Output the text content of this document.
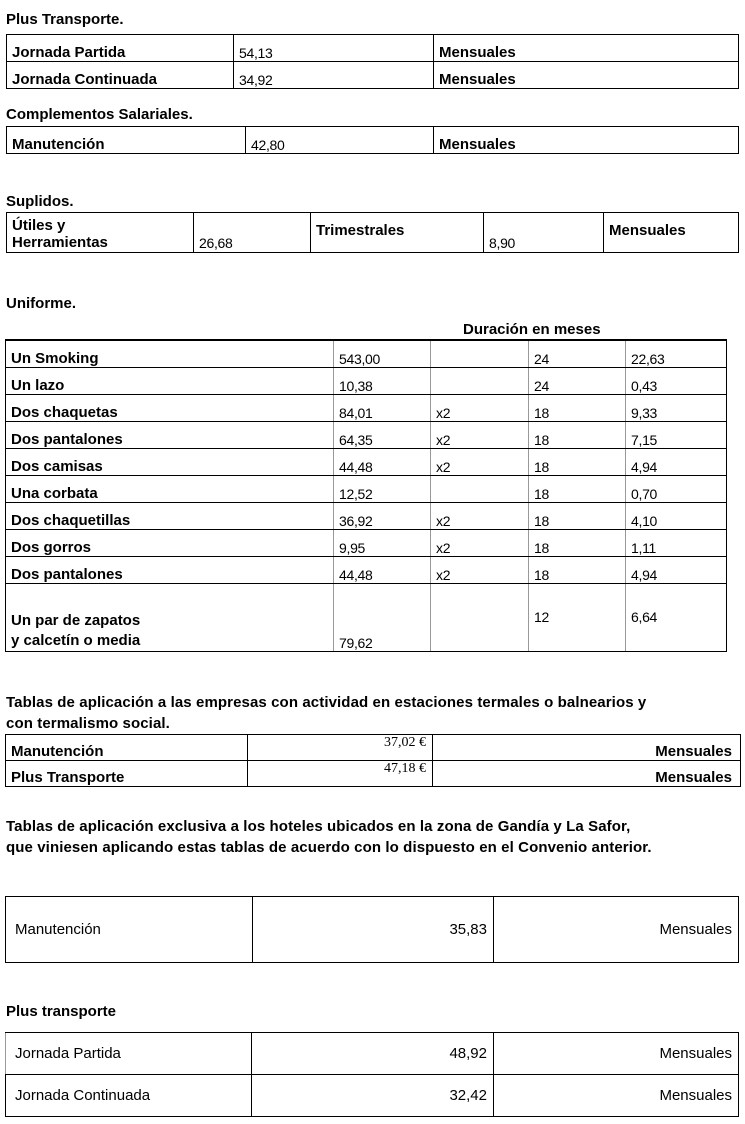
Plus Transporte.
Jornada Partida	54,13	Mensuales
Jornada Continuada	34,92	Mensuales
Complementos Salariales.
Manutención	42,80	Mensuales
Suplidos.
Útiles y
Herramientas	26,68	Trimestrales	8,90	Mensuales
Uniforme.
Duración en meses
Un Smoking	543,00		24	22,63
Un lazo	10,38		24	0,43
Dos chaquetas	84,01	x2	18	9,33
Dos pantalones	64,35	x2	18	7,15
Dos camisas	44,48	x2	18	4,94
Una corbata	12,52		18	0,70
Dos chaquetillas	36,92	x2	18	4,10
Dos gorros	9,95	x2	18	1,11
Dos pantalones	44,48	x2	18	4,94

Un par de zapatos
y calcetín o media	79,62		12	6,64
Tablas de aplicación a las empresas con actividad en estaciones termales o balnearios y
con termalismo social.
Manutención	37,02 €	Mensuales
Plus Transporte	47,18 €	Mensuales
Tablas de aplicación exclusiva a los hoteles ubicados en la zona de Gandía y La Safor,
que viniesen aplicando estas tablas de acuerdo con lo dispuesto en el Convenio anterior.
Manutención	35,83	Mensuales
Plus transporte
Jornada Partida	48,92	Mensuales
Jornada Continuada	32,42	Mensuales
